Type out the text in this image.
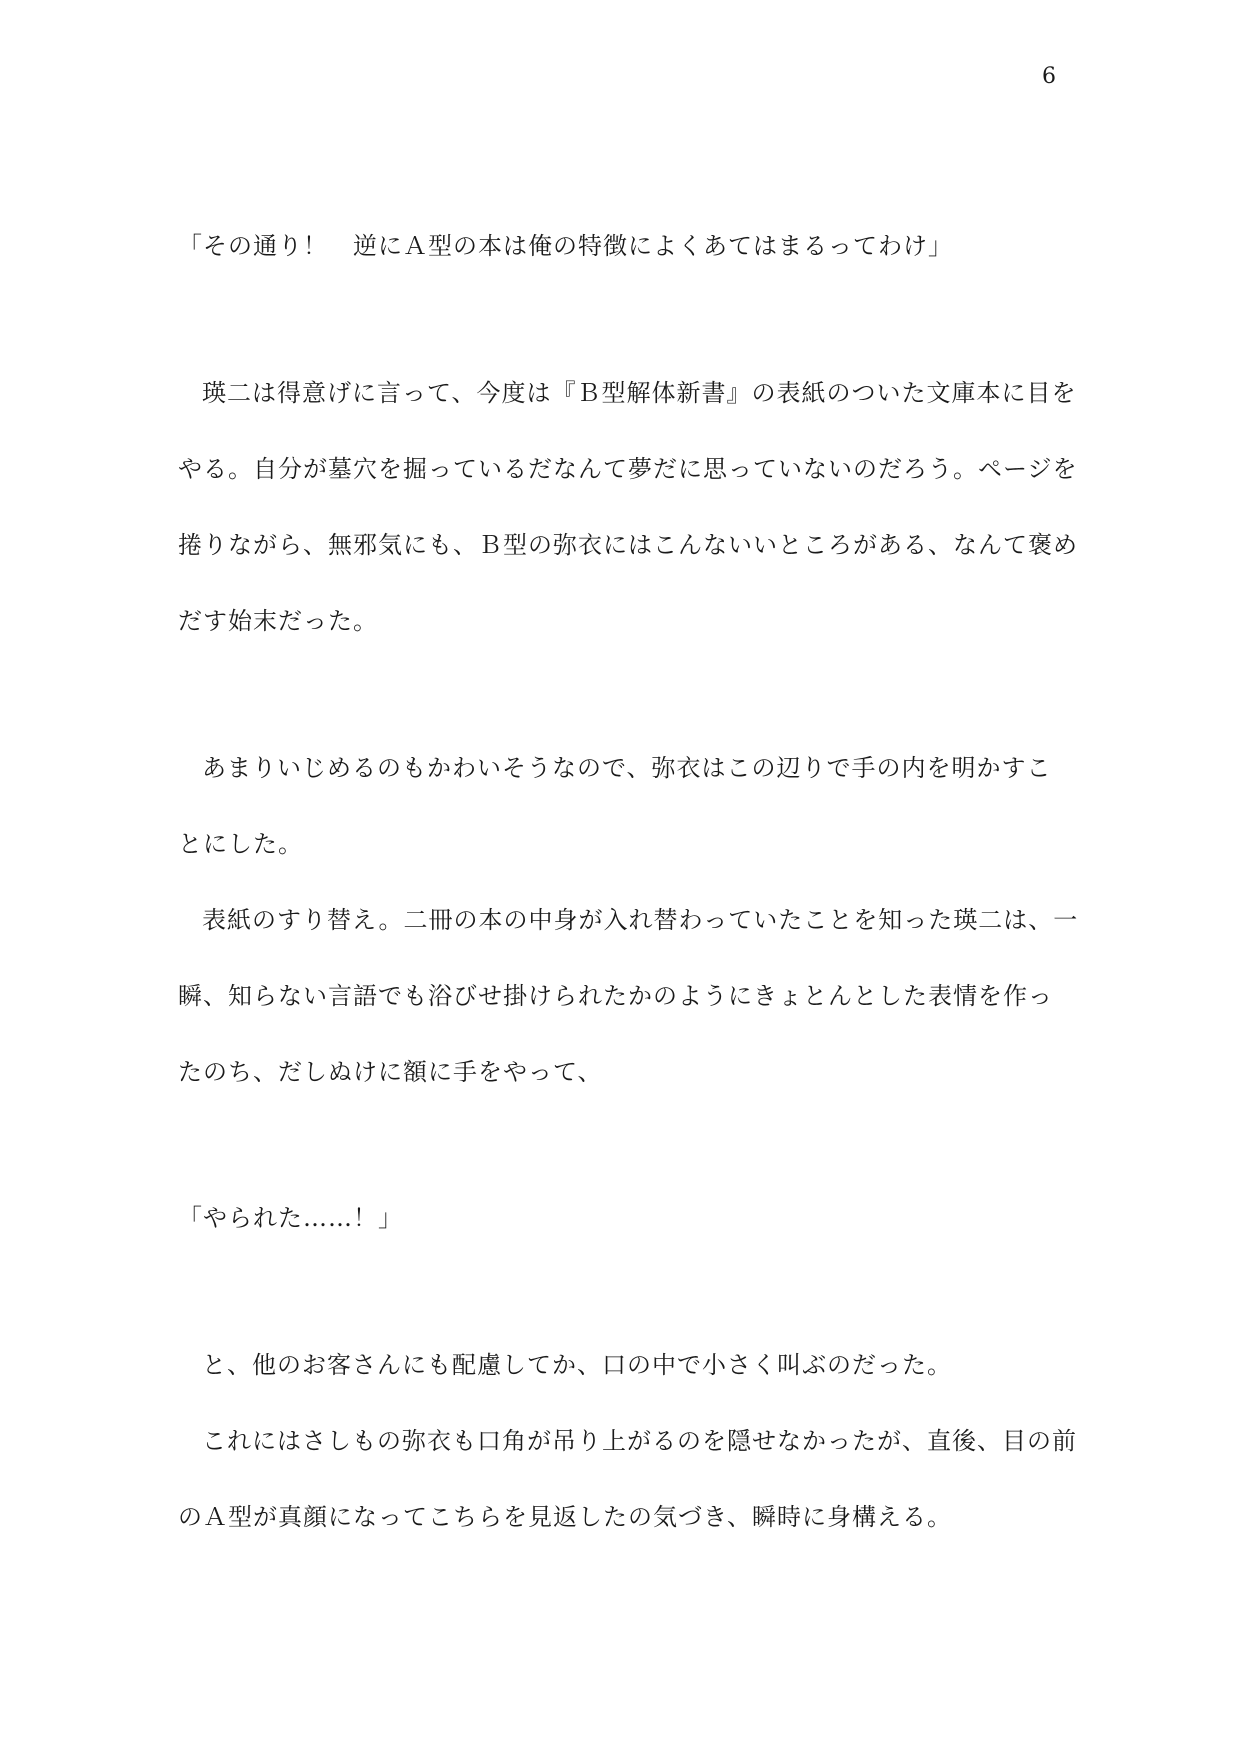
6
「その通り！　逆にＡ型の本は俺の特徴によくあてはまるってわけ」
瑛二は得意げに言って、今度は『Ｂ型解体新書』の表紙のついた文庫本に目を
やる。自分が墓穴を掘っているだなんて夢だに思っていないのだろう。ページを
捲りながら、無邪気にも、Ｂ型の弥衣にはこんないいところがある、なんて褒め
だす始末だった。
あまりいじめるのもかわいそうなので、弥衣はこの辺りで手の内を明かすこ
とにした。
表紙のすり替え。二冊の本の中身が入れ替わっていたことを知った瑛二は、一
瞬、知らない言語でも浴びせ掛けられたかのようにきょとんとした表情を作っ
たのち、だしぬけに額に手をやって、
「やられた……！」
と、他のお客さんにも配慮してか、口の中で小さく叫ぶのだった。
これにはさしもの弥衣も口角が吊り上がるのを隠せなかったが、直後、目の前
のＡ型が真顔になってこちらを見返したの気づき、瞬時に身構える。
